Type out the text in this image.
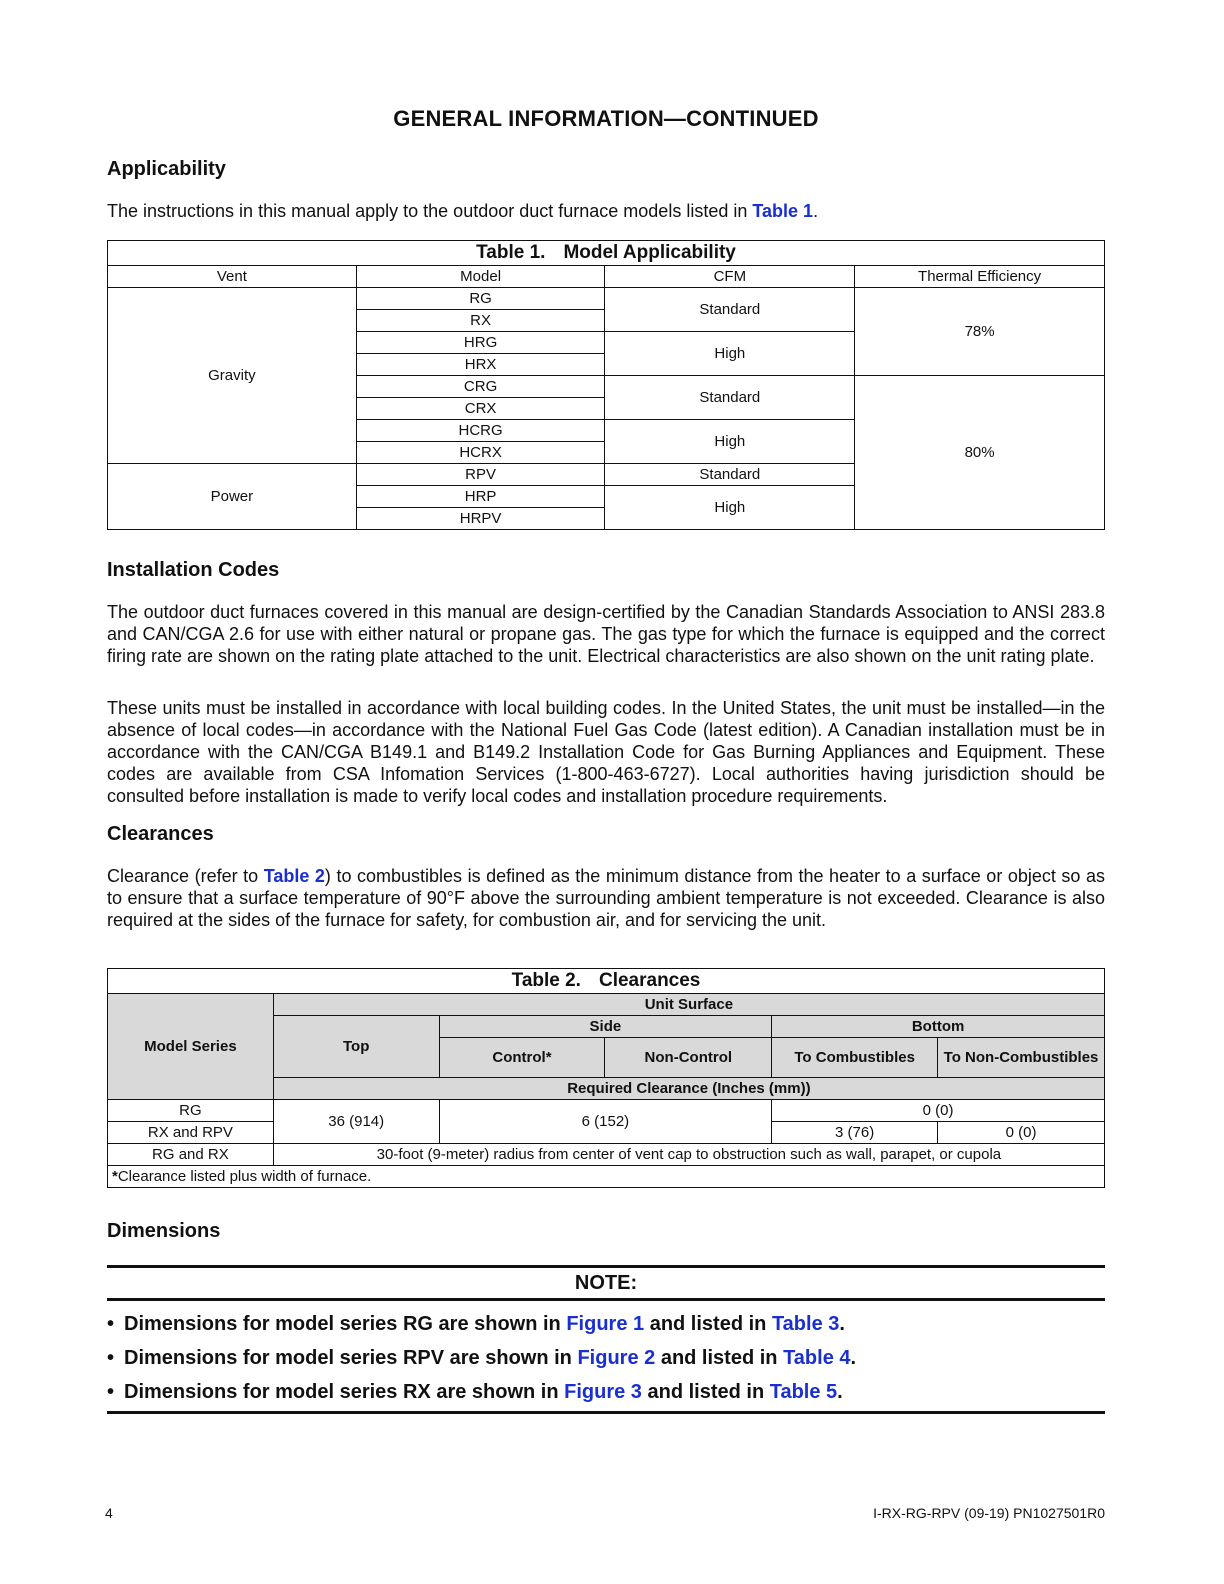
GENERAL INFORMATION—CONTINUED
Applicability

The instructions in this manual apply to the outdoor duct furnace models listed in Table 1.

Table 1. Model Applicability			
Vent	Model	CFM	Thermal Efficiency
Gravity	RG	Standard	78%
	RX		
	HRG	High	
	HRX		
	CRG	Standard	80%
	CRX		
	HCRG	High	
	HCRX		
Power	RPV	Standard	
	HRP	High	
	HRPV		
Installation Codes

The outdoor duct furnaces covered in this manual are design-certified by the Canadian Standards Association to ANSI 283.8 and CAN/CGA 2.6 for use with either natural or propane gas. The gas type for which the furnace is equipped and the correct firing rate are shown on the rating plate attached to the unit. Electrical characteristics are also shown on the unit rating plate.

These units must be installed in accordance with local building codes. In the United States, the unit must be installed—in the absence of local codes—in accordance with the National Fuel Gas Code (latest edition). A Canadian installation must be in accordance with the CAN/CGA B149.1 and B149.2 Installation Code for Gas Burning Appliances and Equipment. These codes are available from CSA Infomation Services (1-800-463-6727). Local authorities having jurisdiction should be consulted before installation is made to verify local codes and installation procedure requirements.

Clearances

Clearance (refer to Table 2) to combustibles is defined as the minimum distance from the heater to a surface or object so as to ensure that a surface temperature of 90°F above the surrounding ambient temperature is not exceeded. Clearance is also required at the sides of the furnace for safety, for combustion air, and for servicing the unit.

Table 2. Clearances					
Model Series	Unit Surface				
	Top	Side		Bottom	
		Control*	Non-Control	To Combustibles	To Non-Combustibles
	Required Clearance (Inches (mm))				
RG	36 (914)	6 (152)		0 (0)	
RX and RPV				3 (76)	0 (0)
RG and RX	30-foot (9-meter) radius from center of vent cap to obstruction such as wall, parapet, or cupola				
*Clearance listed plus width of furnace.					
Dimensions
NOTE:
• Dimensions for model series RG are shown in Figure 1 and listed in Table 3.
• Dimensions for model series RPV are shown in Figure 2 and listed in Table 4.
• Dimensions for model series RX are shown in Figure 3 and listed in Table 5.
4	I-RX-RG-RPV (09-19) PN1027501R0
